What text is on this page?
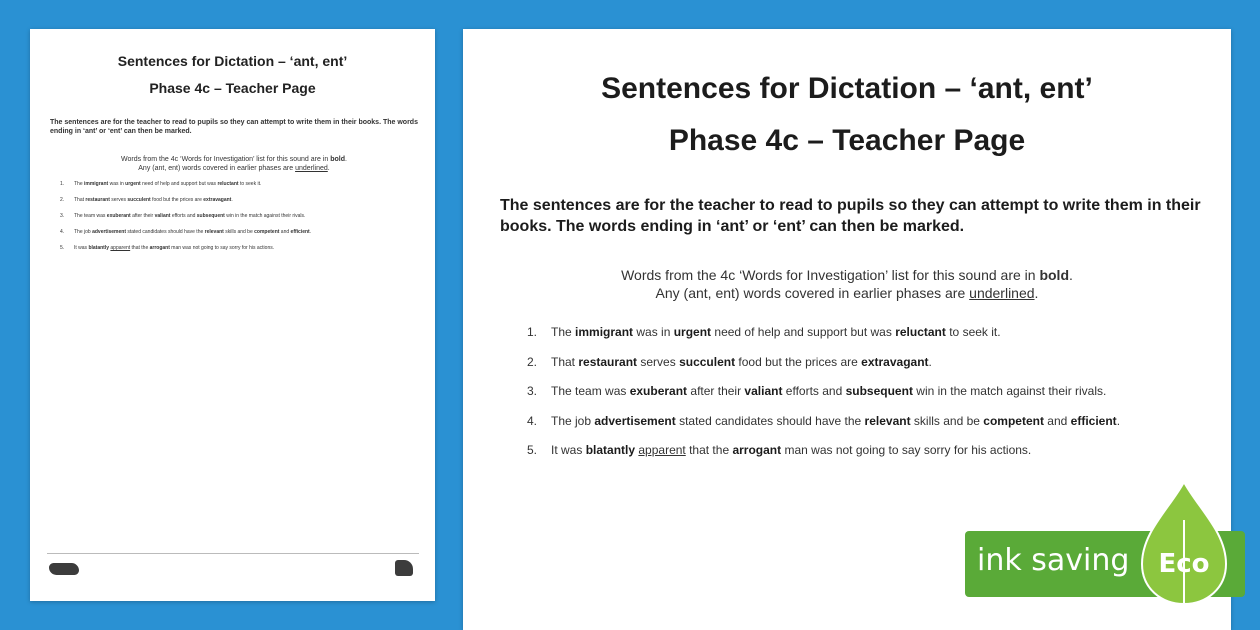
Sentences for Dictation – ‘ant, ent’
Phase 4c – Teacher Page
The sentences are for the teacher to read to pupils so they can attempt to write them in their books. The words ending in ‘ant’ or ‘ent’ can then be marked.
Words from the 4c ‘Words for Investigation’ list for this sound are in bold.
Any (ant, ent) words covered in earlier phases are underlined.
1.	The immigrant was in urgent need of help and support but was reluctant to seek it.
2.	That restaurant serves succulent food but the prices are extravagant.
3.	The team was exuberant after their valiant efforts and subsequent win in the match against their rivals.
4.	The job advertisement stated candidates should have the relevant skills and be competent and efficient.
5.	It was blatantly apparent that the arrogant man was not going to say sorry for his actions.
Sentences for Dictation – ‘ant, ent’
Phase 4c – Teacher Page
The sentences are for the teacher to read to pupils so they can attempt to write them in their books. The words ending in ‘ant’ or ‘ent’ can then be marked.
Words from the 4c ‘Words for Investigation’ list for this sound are in bold.
Any (ant, ent) words covered in earlier phases are underlined.
1.	The immigrant was in urgent need of help and support but was reluctant to seek it.
2.	That restaurant serves succulent food but the prices are extravagant.
3.	The team was exuberant after their valiant efforts and subsequent win in the match against their rivals.
4.	The job advertisement stated candidates should have the relevant skills and be competent and efficient.
5.	It was blatantly apparent that the arrogant man was not going to say sorry for his actions.
ink saving Eco
